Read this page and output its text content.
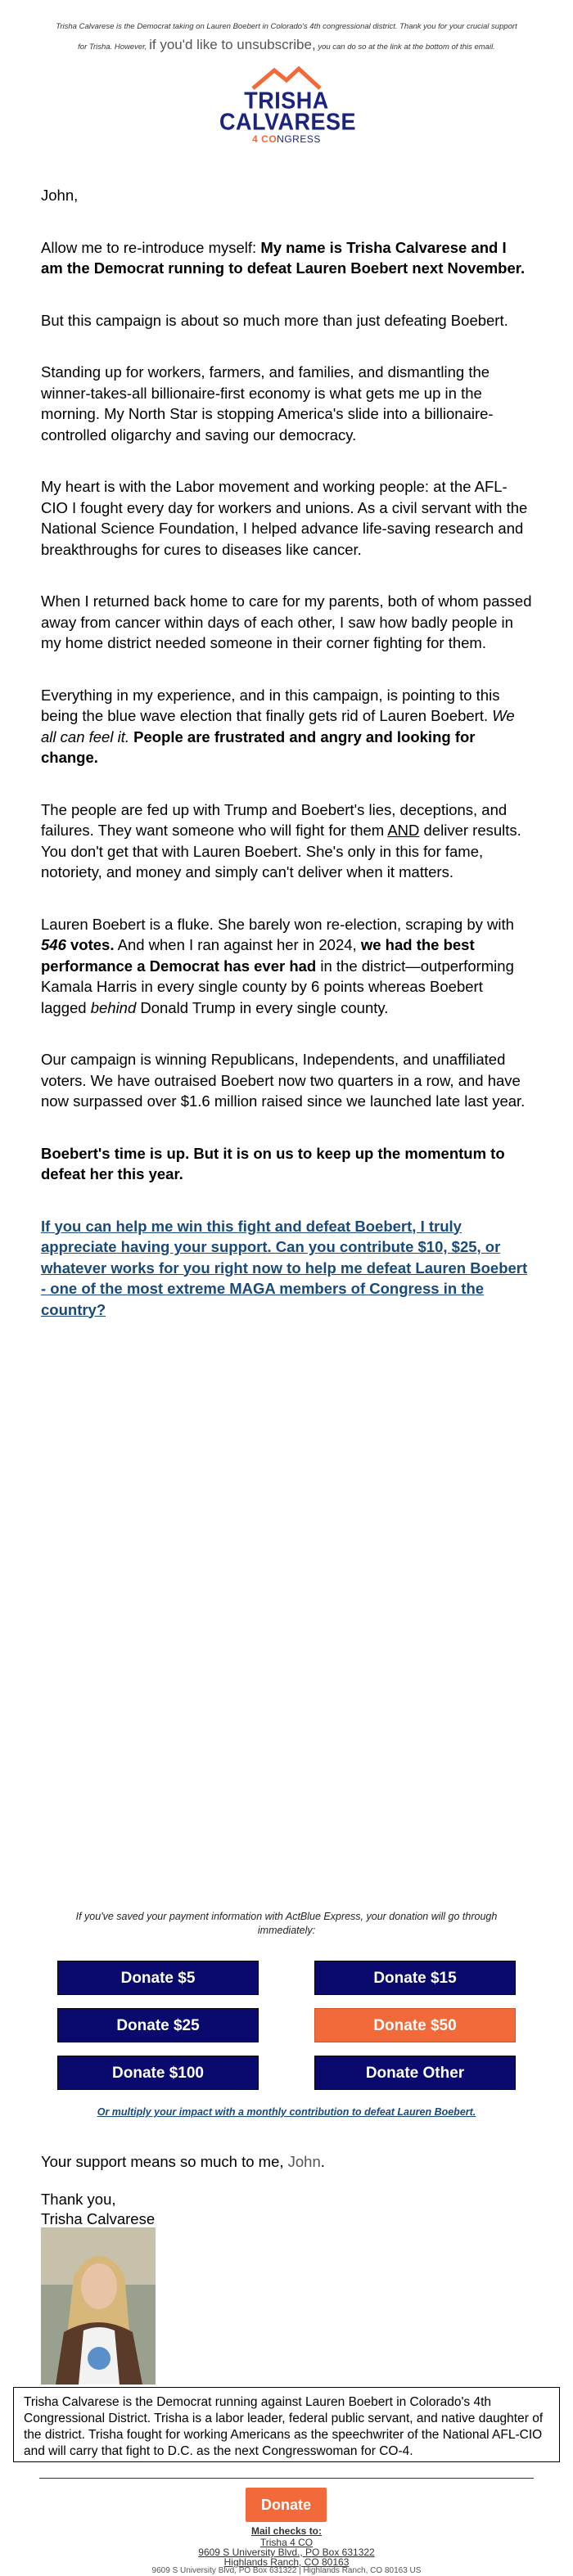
Trisha Calvarese is the Democrat taking on Lauren Boebert in Colorado's 4th congressional district. Thank you for your crucial support
for Trisha. However, if you'd like to unsubscribe, you can do so at the link at the bottom of this email.
TRISHA
CALVARESE
4 CONGRESS

John,

Allow me to re-introduce myself: My name is Trisha Calvarese and I am the Democrat running to defeat Lauren Boebert next November.

But this campaign is about so much more than just defeating Boebert.

Standing up for workers, farmers, and families, and dismantling the winner-takes-all billionaire-first economy is what gets me up in the morning. My North Star is stopping America's slide into a billionaire-controlled oligarchy and saving our democracy.

My heart is with the Labor movement and working people: at the AFL-CIO I fought every day for workers and unions. As a civil servant with the National Science Foundation, I helped advance life-saving research and breakthroughs for cures to diseases like cancer.

When I returned back home to care for my parents, both of whom passed away from cancer within days of each other, I saw how badly people in my home district needed someone in their corner fighting for them.

Everything in my experience, and in this campaign, is pointing to this being the blue wave election that finally gets rid of Lauren Boebert. We all can feel it. People are frustrated and angry and looking for change.

The people are fed up with Trump and Boebert's lies, deceptions, and failures. They want someone who will fight for them AND deliver results. You don't get that with Lauren Boebert. She's only in this for fame, notoriety, and money and simply can't deliver when it matters.

Lauren Boebert is a fluke. She barely won re-election, scraping by with 546 votes. And when I ran against her in 2024, we had the best performance a Democrat has ever had in the district—outperforming Kamala Harris in every single county by 6 points whereas Boebert lagged behind Donald Trump in every single county.

Our campaign is winning Republicans, Independents, and unaffiliated voters. We have outraised Boebert now two quarters in a row, and have now surpassed over $1.6 million raised since we launched late last year.

Boebert's time is up. But it is on us to keep up the momentum to defeat her this year.

If you can help me win this fight and defeat Boebert, I truly appreciate having your support. Can you contribute $10, $25, or whatever works for you right now to help me defeat Lauren Boebert - one of the most extreme MAGA members of Congress in the country?

If you've saved your payment information with ActBlue Express, your donation will go through immediately:
Donate $5	Donate $15
Donate $25	Donate $50
Donate $100	Donate Other
Or multiply your impact with a monthly contribution to defeat Lauren Boebert.
Your support means so much to me, John.
Thank you,
Trisha Calvarese
Trisha Calvarese is the Democrat running against Lauren Boebert in Colorado's 4th Congressional District. Trisha is a labor leader, federal public servant, and native daughter of the district. Trisha fought for working Americans as the speechwriter of the National AFL-CIO and will carry that fight to D.C. as the next Congresswoman for CO-4.
Donate
Mail checks to:
Trisha 4 CO
9609 S University Blvd., PO Box 631322
Highlands Ranch, CO 80163
9609 S University Blvd, PO Box 631322 | Highlands Ranch, CO 80163 US
